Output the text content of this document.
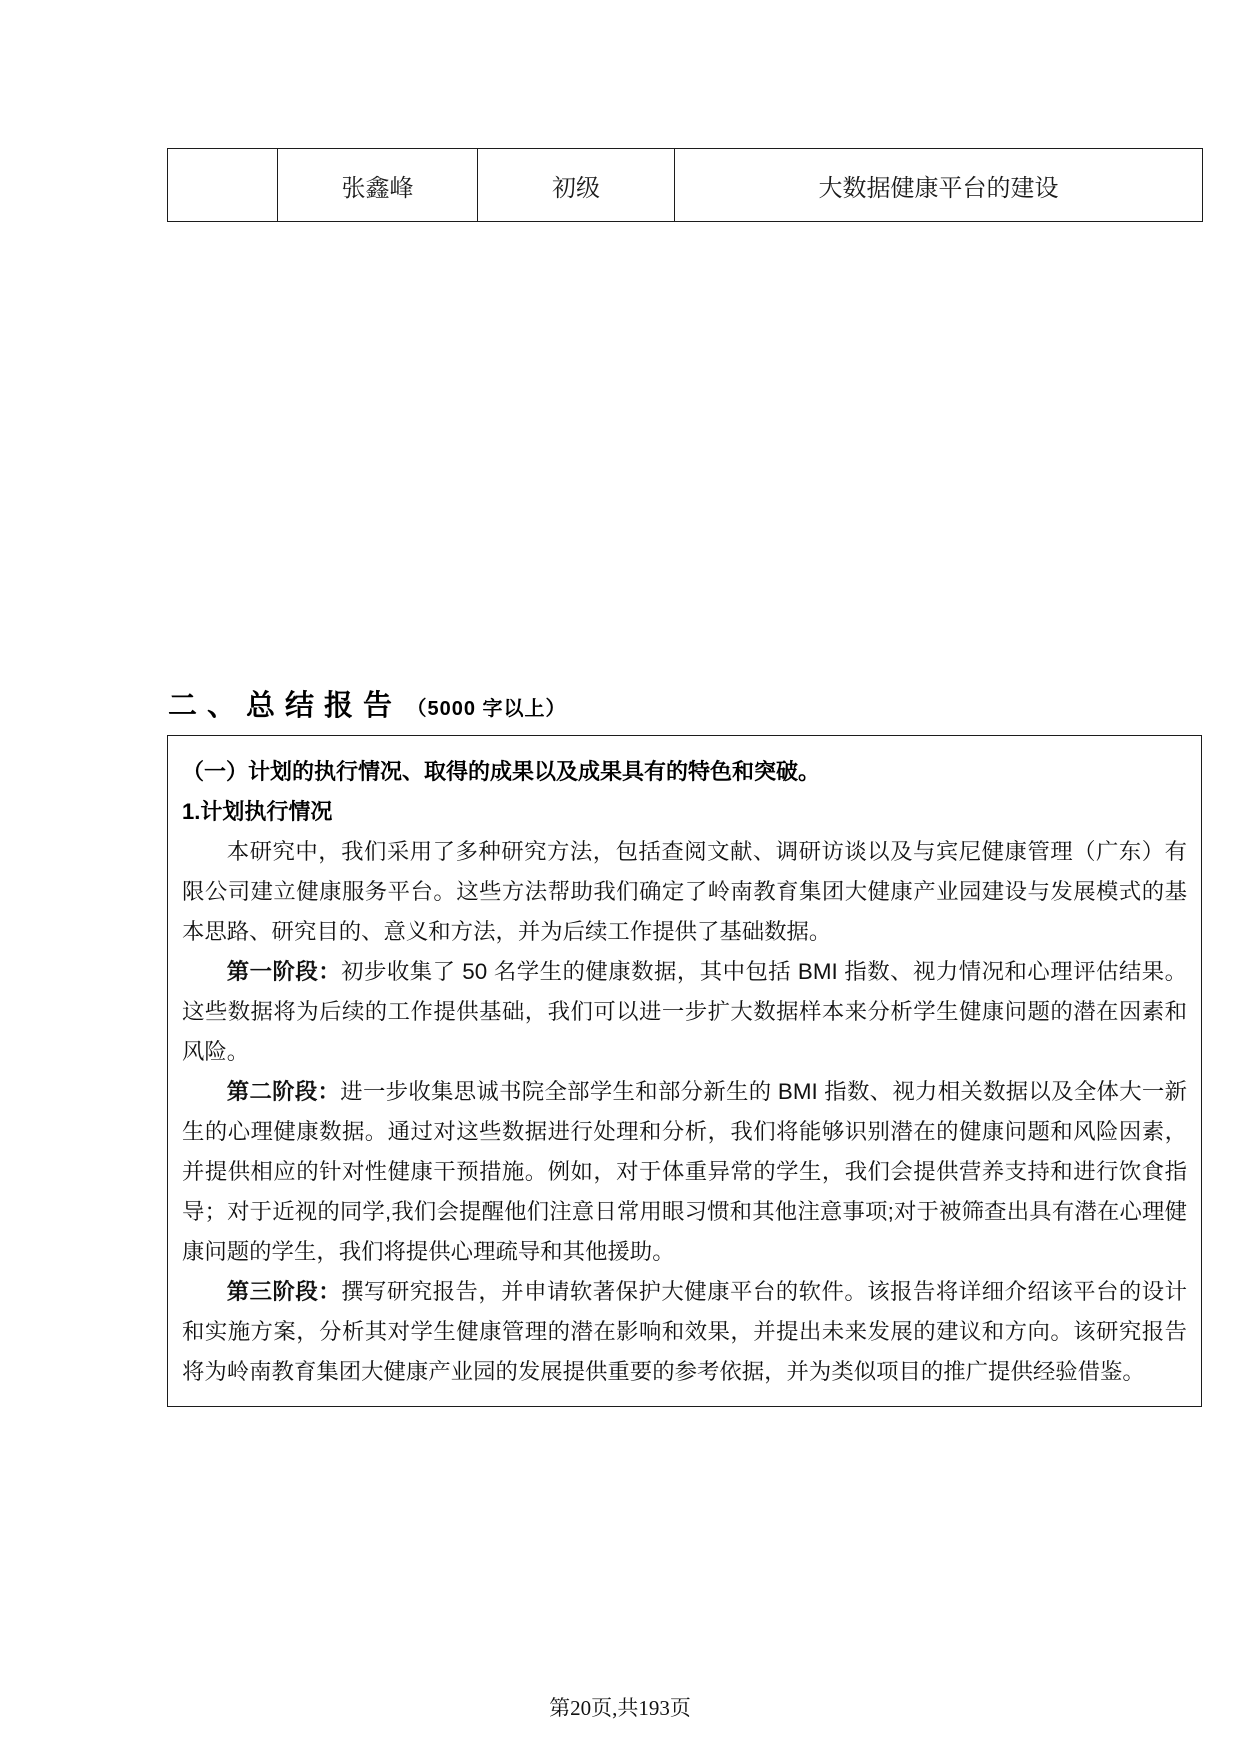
	张鑫峰	初级	大数据健康平台的建设
二、总结报告 （5000 字以上）

（一）计划的执行情况、取得的成果以及成果具有的特色和突破。

1.计划执行情况

本研究中，我们采用了多种研究方法，包括查阅文献、调研访谈以及与宾尼健康管理（广东）有限公司建立健康服务平台。这些方法帮助我们确定了岭南教育集团大健康产业园建设与发展模式的基本思路、研究目的、意义和方法，并为后续工作提供了基础数据。

第一阶段：初步收集了 50 名学生的健康数据，其中包括 BMI 指数、视力情况和心理评估结果。这些数据将为后续的工作提供基础，我们可以进一步扩大数据样本来分析学生健康问题的潜在因素和风险。

第二阶段：进一步收集思诚书院全部学生和部分新生的 BMI 指数、视力相关数据以及全体大一新生的心理健康数据。通过对这些数据进行处理和分析，我们将能够识别潜在的健康问题和风险因素，并提供相应的针对性健康干预措施。例如，对于体重异常的学生，我们会提供营养支持和进行饮食指导；对于近视的同学,我们会提醒他们注意日常用眼习惯和其他注意事项;对于被筛查出具有潜在心理健康问题的学生，我们将提供心理疏导和其他援助。

第三阶段：撰写研究报告，并申请软著保护大健康平台的软件。该报告将详细介绍该平台的设计和实施方案，分析其对学生健康管理的潜在影响和效果，并提出未来发展的建议和方向。该研究报告将为岭南教育集团大健康产业园的发展提供重要的参考依据，并为类似项目的推广提供经验借鉴。

第20页,共193页
